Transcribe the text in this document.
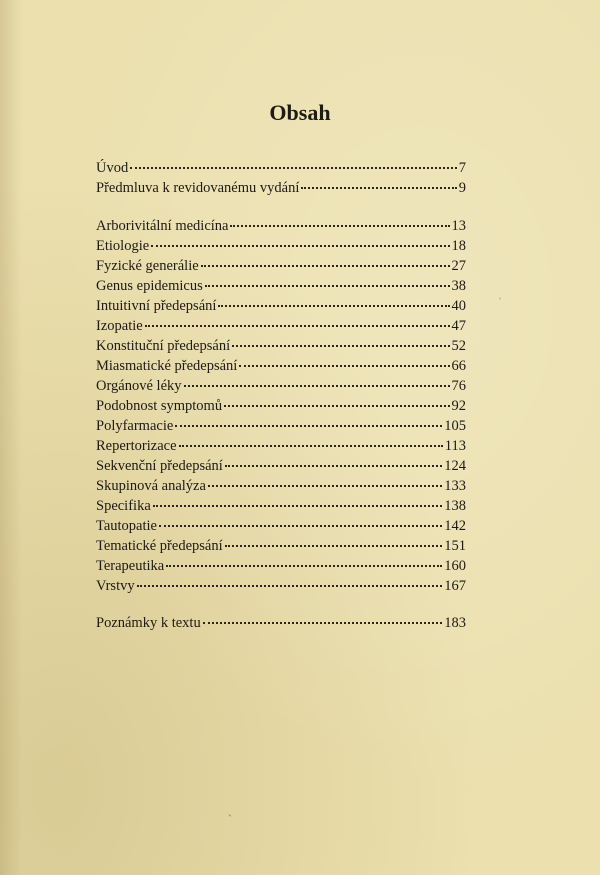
Obsah
Úvod	7
Předmluva k revidovanému vydání	9
Arborivitální medicína	13
Etiologie	18
Fyzické generálie	27
Genus epidemicus	38
Intuitivní předepsání	40
Izopatie	47
Konstituční předepsání	52
Miasmatické předepsání	66
Orgánové léky	76
Podobnost symptomů	92
Polyfarmacie	105
Repertorizace	113
Sekvenční předepsání	124
Skupinová analýza	133
Specifika	138
Tautopatie	142
Tematické předepsání	151
Terapeutika	160
Vrstvy	167
Poznámky k textu	183
ˌ
ˋ
